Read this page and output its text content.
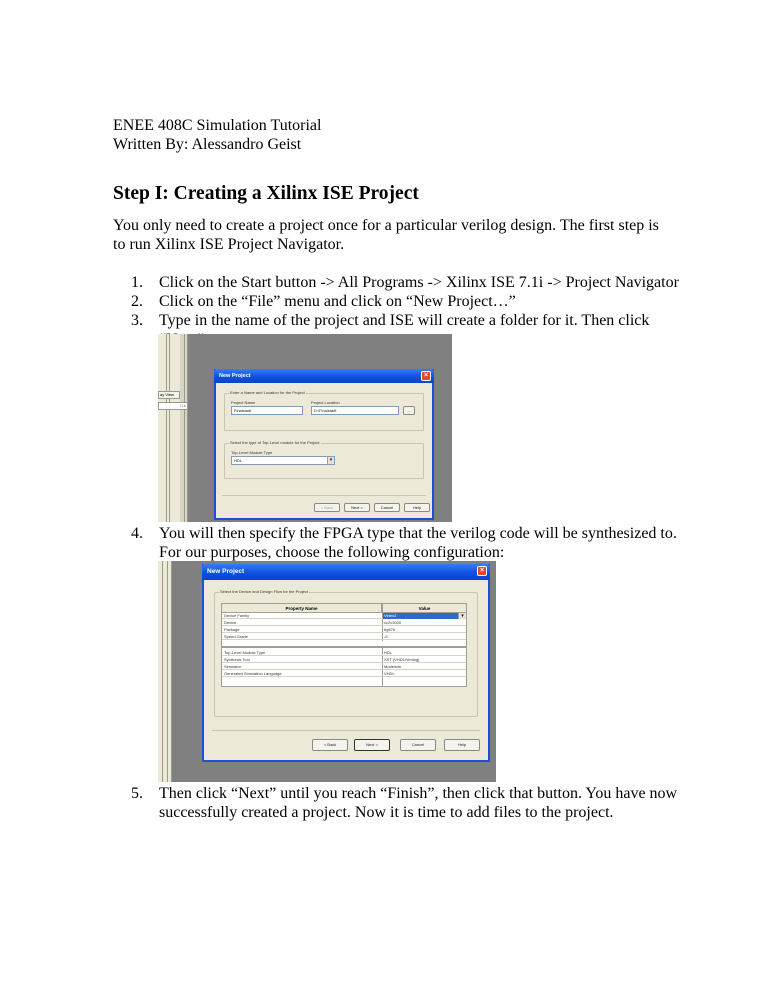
ENEE 408C Simulation Tutorial
Written By: Alessandro Geist
Step I: Creating a Xilinx ISE Project
You only need to create a project once for a particular verilog design. The first step is to run Xilinx ISE Project Navigator.
1.	Click on the Start button -> All Programs -> Xilinx ISE 7.1i -> Project Navigator
2.	Click on the “File” menu and click on “New Project…”
3.	Type in the name of the project and ISE will create a folder for it. Then click
ay View
□ ×
New Project	×
Enter a Name and Location for the Project
Project Name
Finalstadt
Project Location
D:\Finalstadt	...
Select the type of Top-Level module for the Project
Top-Level Module Type
HDL	▾
< Back	Next >	Cancel	Help
4.	You will then specify the FPGA type that the verilog code will be synthesized to.
For our purposes, choose the following configuration:
New Project	×
Select the Device and Design Flow for the Project
Property Name	Value
Device Family	Virtex2	▾
Device	xc2v3000
Package	bg676
Speed Grade	-6
Top-Level Module Type	HDL
Synthesis Tool	XST (VHDL/Verilog)
Simulator	Modelsim
Generated Simulation Language	VHDL
< Back	Next >	Cancel	Help
5.	Then click “Next” until you reach “Finish”, then click that button. You have now
successfully created a project. Now it is time to add files to the project.
